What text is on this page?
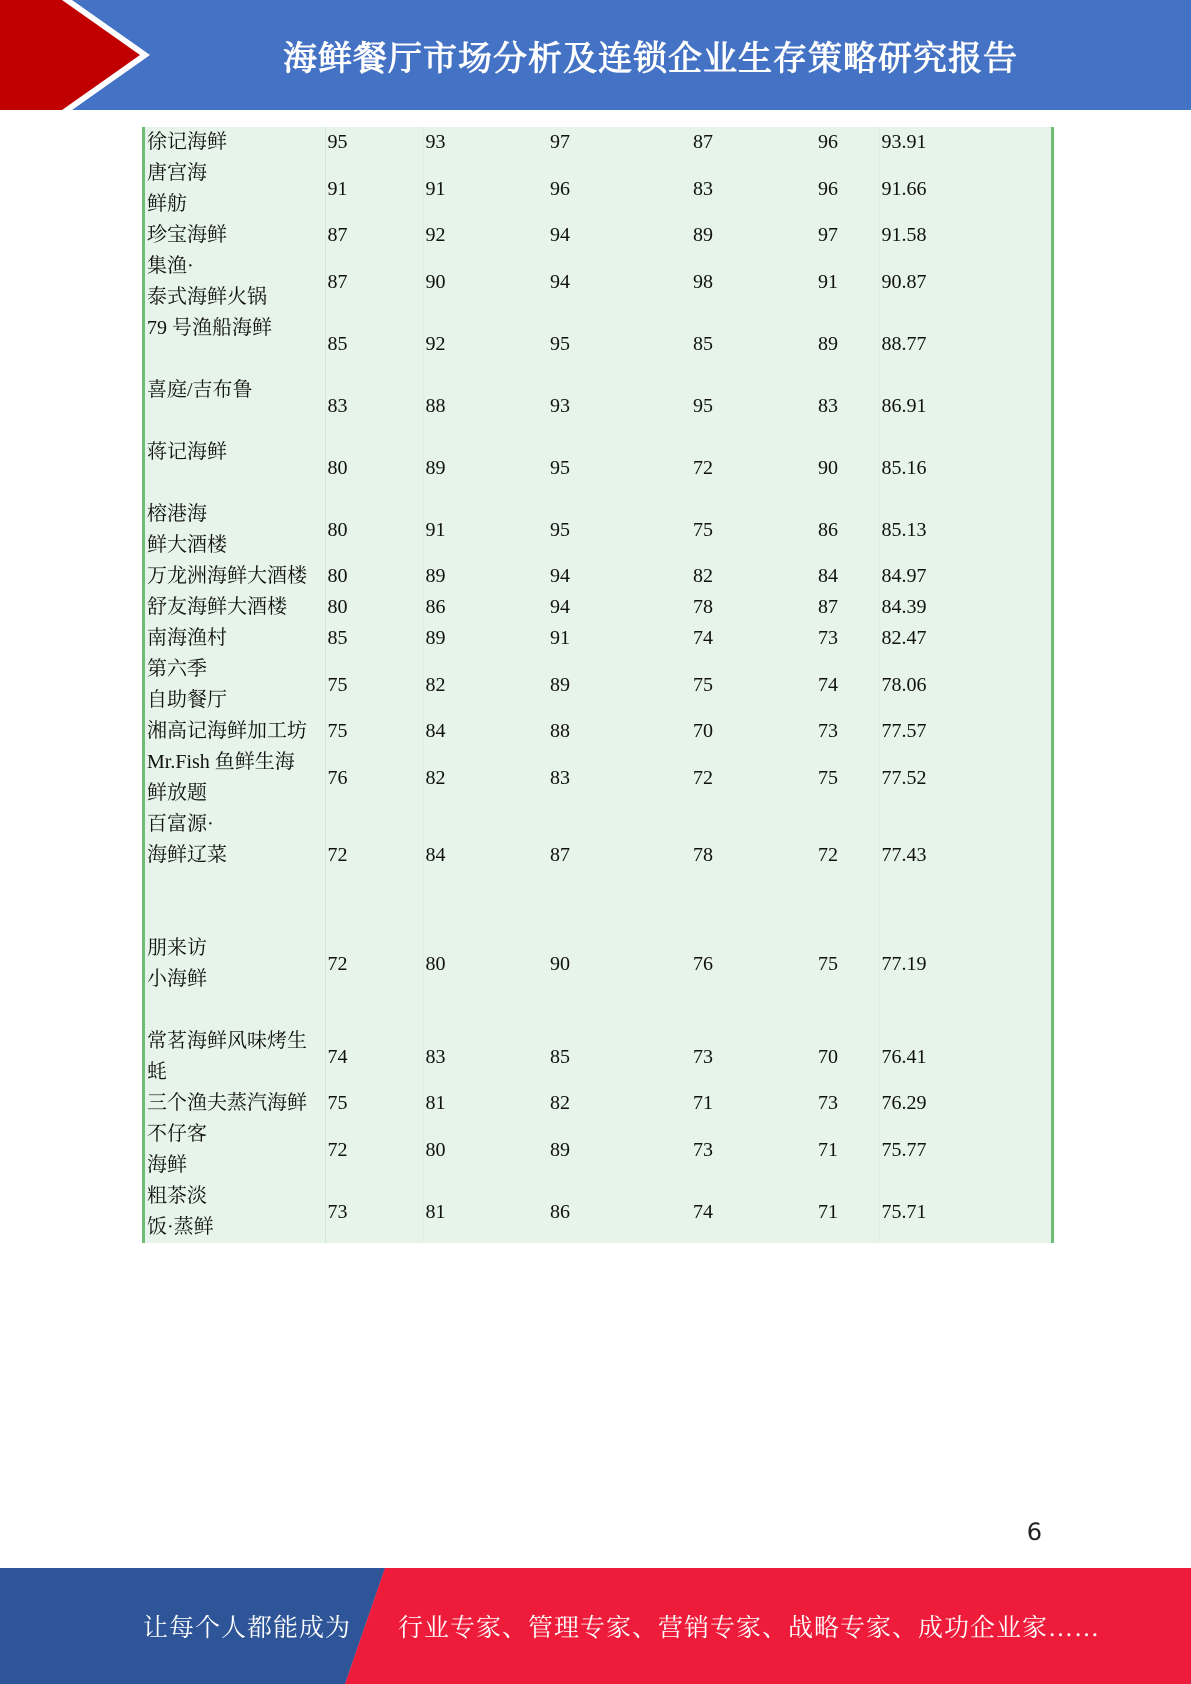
海鲜餐厅市场分析及连锁企业生存策略研究报告
徐记海鲜	95	93	97	87	96	93.91

唐宫海
鲜舫	91	91	96	83	96	91.66

珍宝海鲜	87	92	94	89	97	91.58

集渔·
泰式海鲜火锅	87	90	94	98	91	90.87

79 号渔船海鲜	85	92	95	85	89	88.77

喜庭/吉布鲁	83	88	93	95	83	86.91

蒋记海鲜	80	89	95	72	90	85.16

榕港海
鲜大酒楼	80	91	95	75	86	85.13

万龙洲海鲜大酒楼	80	89	94	82	84	84.97

舒友海鲜大酒楼	80	86	94	78	87	84.39

南海渔村	85	89	91	74	73	82.47

第六季
自助餐厅	75	82	89	75	74	78.06

湘高记海鲜加工坊	75	84	88	70	73	77.57

Mr.Fish 鱼鲜生海
鲜放题	76	82	83	72	75	77.52

百富源·
海鲜辽菜	72	84	87	78	72	77.43

朋来访
小海鲜	72	80	90	76	75	77.19

常茗海鲜风味烤生
蚝	74	83	85	73	70	76.41

三个渔夫蒸汽海鲜	75	81	82	71	73	76.29

不仔客
海鲜	72	80	89	73	71	75.77

粗茶淡
饭·蒸鲜	73	81	86	74	71	75.71
6
让每个人都能成为 行业专家、管理专家、营销专家、战略专家、成功企业家……
